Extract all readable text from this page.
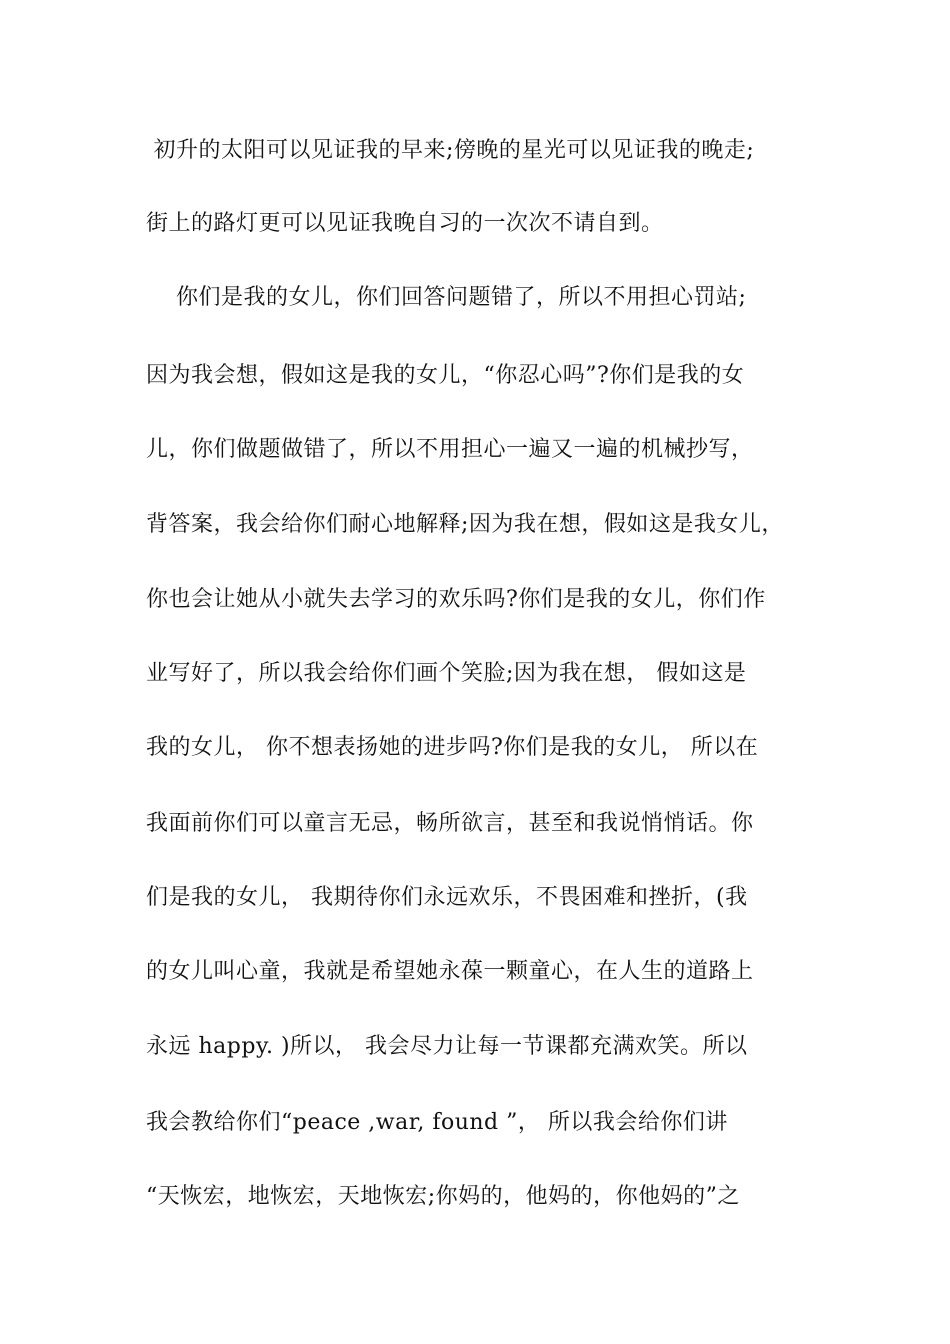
初升的太阳可以见证我的早来;傍晚的星光可以见证我的晚走;
街上的路灯更可以见证我晚自习的一次次不请自到。
你们是我的女儿，你们回答问题错了，所以不用担心罚站;
因为我会想，假如这是我的女儿，“你忍心吗”?你们是我的女
儿，你们做题做错了，所以不用担心一遍又一遍的机械抄写，
背答案，我会给你们耐心地解释;因为我在想，假如这是我女儿，
你也会让她从小就失去学习的欢乐吗?你们是我的女儿，你们作
业写好了，所以我会给你们画个笑脸;因为我在想， 假如这是
我的女儿， 你不想表扬她的进步吗?你们是我的女儿， 所以在
我面前你们可以童言无忌，畅所欲言，甚至和我说悄悄话。你
们是我的女儿， 我期待你们永远欢乐，不畏困难和挫折，(我
的女儿叫心童，我就是希望她永葆一颗童心，在人生的道路上
永远 happy. )所以， 我会尽力让每一节课都充满欢笑。所以
我会教给你们“peace ,war, found ”， 所以我会给你们讲
“天恢宏，地恢宏，天地恢宏;你妈的，他妈的，你他妈的”之
